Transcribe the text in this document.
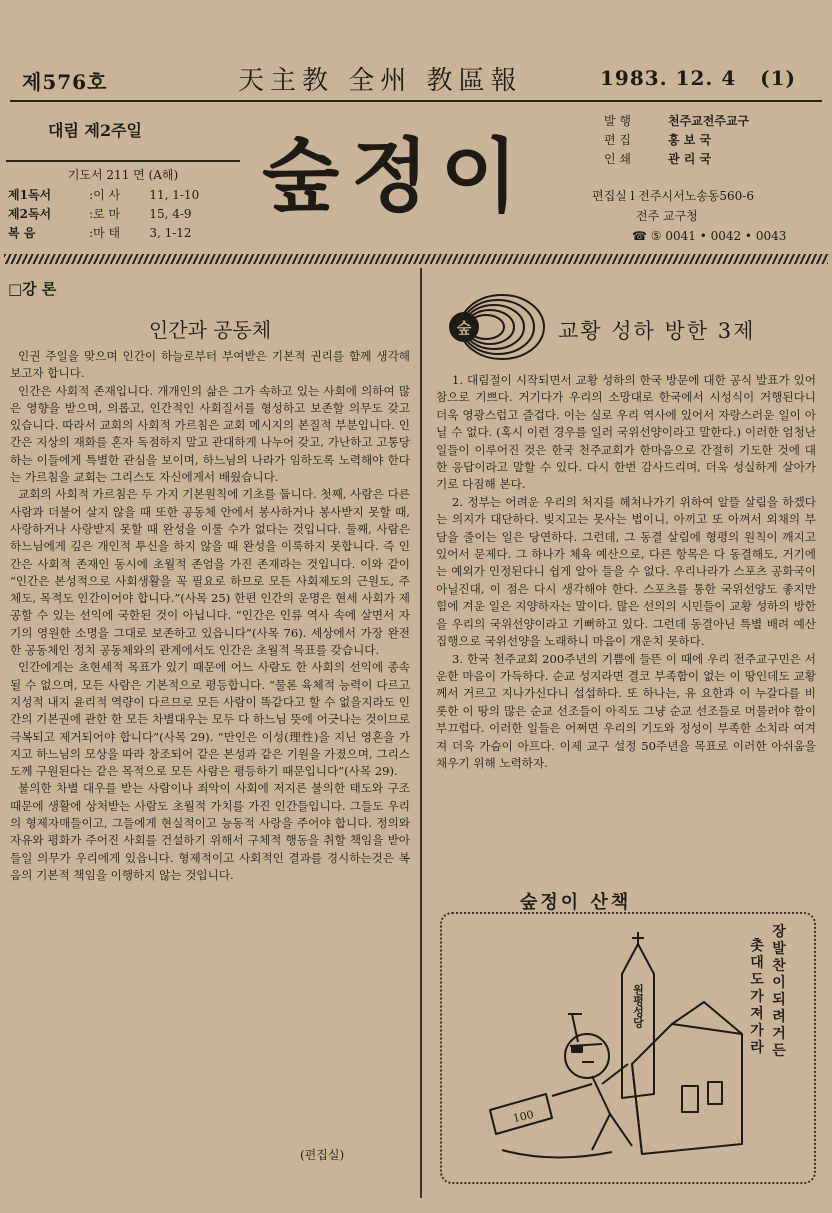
제576호	天主教 全州 教區報	1983. 12. 4 (1)
대림 제2주일
기도서 211 면 (A해)
제1독서	:이 사	11, 1-10
제2독서	:로 마	15, 4-9
복 음	:마 태	3, 1-12
숲정이
발 행	천주교전주교구
편 집	홍 보 국
인 쇄	관 리 국
편집실 l 전주시서노송동560-6
전주 교구청
☎ ⑤ 0041 • 0042 • 0043
□강 론
인간과 공동체

인권 주일을 맞으며 인간이 하늘로부터 부여받은 기본적 권리를 함께 생각해 보고자 합니다.

인간은 사회적 존재입니다. 개개인의 삶은 그가 속하고 있는 사회에 의하여 많은 영향을 받으며, 의롭고, 인간적인 사회질서를 형성하고 보존할 의무도 갖고 있습니다. 따라서 교회의 사회적 가르침은 교회 메시지의 본질적 부분입니다. 인간은 지상의 재화를 혼자 독점하지 말고 관대하게 나누어 갖고, 가난하고 고통당하는 이들에게 특별한 관심을 보이며, 하느님의 나라가 임하도록 노력해야 한다는 가르침을 교회는 그리스도 자신에게서 배웠습니다.

교회의 사회적 가르침은 두 가지 기본원칙에 기초를 둡니다. 첫째, 사람은 다른 사람과 더불어 살지 않을 때 또한 공동체 안에서 봉사하거나 봉사받지 못할 때, 사랑하거나 사랑받지 못할 때 완성을 이룰 수가 없다는 것입니다. 둘째, 사람은 하느님에게 깊은 개인적 투신을 하지 않을 때 완성을 이룩하지 못합니다. 즉 인간은 사회적 존재인 동시에 초월적 존엄을 가진 존재라는 것입니다. 이와 같이 “인간은 본성적으로 사회생활을 꼭 필요로 하므로 모든 사회제도의 근원도, 주체도, 목적도 인간이어야 합니다.”(사목 25) 한편 인간의 운명은 현세 사회가 제공할 수 있는 선익에 국한된 것이 아닙니다. “인간은 인류 역사 속에 살면서 자기의 영원한 소명을 그대로 보존하고 있읍니다”(사목 76). 세상에서 가장 완전한 공동체인 정치 공동체와의 관계에서도 인간은 초월적 목표를 갖습니다.

인간에게는 초현세적 목표가 있기 때문에 어느 사람도 한 사회의 선익에 종속될 수 없으며, 모든 사람은 기본적으로 평등합니다. “물론 육체적 능력이 다르고 지성적 내지 윤리적 역량이 다르므로 모든 사람이 똑같다고 할 수 없을지라도 인간의 기본권에 관한 한 모든 차별대우는 모두 다 하느님 뜻에 어긋나는 것이므로 극복되고 제거되어야 합니다”(사목 29). “만인은 이성(理性)을 지닌 영혼을 가지고 하느님의 모상을 따라 창조되어 같은 본성과 같은 기원을 가졌으며, 그리스도께 구원된다는 같은 목적으로 모든 사람은 평등하기 때문입니다”(사목 29).

불의한 차별 대우를 받는 사람이나 죄악이 사회에 저지른 불의한 태도와 구조 때문에 생활에 상처받는 사람도 초월적 가치를 가진 인간들입니다. 그들도 우리의 형제자매들이고, 그들에게 현실적이고 능동적 사랑을 주어야 합니다. 정의와 자유와 평화가 주어진 사회를 건설하기 위해서 구체적 행동을 취할 책임을 받아들일 의무가 우리에게 있읍니다. 형제적이고 사회적인 결과를 경시하는것은 복음의 기본적 책임을 이행하지 않는 것입니다.

(편집실)
숲	교황 성하 방한 3제

1. 대림절이 시작되면서 교황 성하의 한국 방문에 대한 공식 발표가 있어 참으로 기쁘다. 거기다가 우리의 소망대로 한국에서 시성식이 거행된다니 더욱 영광스럽고 즐겁다. 이는 실로 우리 역사에 있어서 자랑스러운 일이 아닐 수 없다. (혹시 이런 경우를 일러 국위선양이라고 말한다.) 이러한 엄청난 일들이 이루어진 것은 한국 천주교회가 한마음으로 간절히 기도한 것에 대한 응답이라고 말할 수 있다. 다시 한번 감사드리며, 더욱 성실하게 살아가기로 다짐해 본다.

2. 정부는 어려운 우리의 처지를 헤쳐나가기 위하여 알뜰 살림을 하겠다는 의지가 대단하다. 빚지고는 못사는 법이니, 아끼고 또 아껴서 외채의 부담을 줄이는 일은 당연하다. 그런데, 그 동결 살림에 형평의 원칙이 깨지고 있어서 문제다. 그 하나가 체육 예산으로, 다른 항목은 다 동결해도, 거기에는 예외가 인정된다니 쉽게 알아 들을 수 없다. 우리나라가 스포츠 공화국이 아닐진대, 이 점은 다시 생각해야 한다. 스포츠를 통한 국위선양도 좋지만 힘에 겨운 일은 지양하자는 말이다. 많은 선의의 시민들이 교황 성하의 방한을 우리의 국위선양이라고 기뻐하고 있다. 그런데 동결아닌 특별 배려 예산집행으로 국위선양을 노래하니 마음이 개운치 못하다.

3. 한국 천주교회 200주년의 기쁨에 들뜬 이 때에 우리 전주교구민은 서운한 마음이 가득하다. 순교 성지라면 결코 부족함이 없는 이 땅인데도 교황께서 거르고 지나가신다니 섭섭하다. 또 하나는, 유 요한과 이 누갈다를 비롯한 이 땅의 많은 순교 선조들이 아직도 그냥 순교 선조들로 머물러야 함이 부끄럽다. 이러한 일들은 어쩌면 우리의 기도와 정성이 부족한 소치라 여겨져 더욱 가슴이 아프다. 이제 교구 설정 50주년을 목표로 이러한 아쉬움을 채우기 위해 노력하자.

숲정이 산책
100
원평성당
장발찬이 되려거든
촛대도 가져가라
